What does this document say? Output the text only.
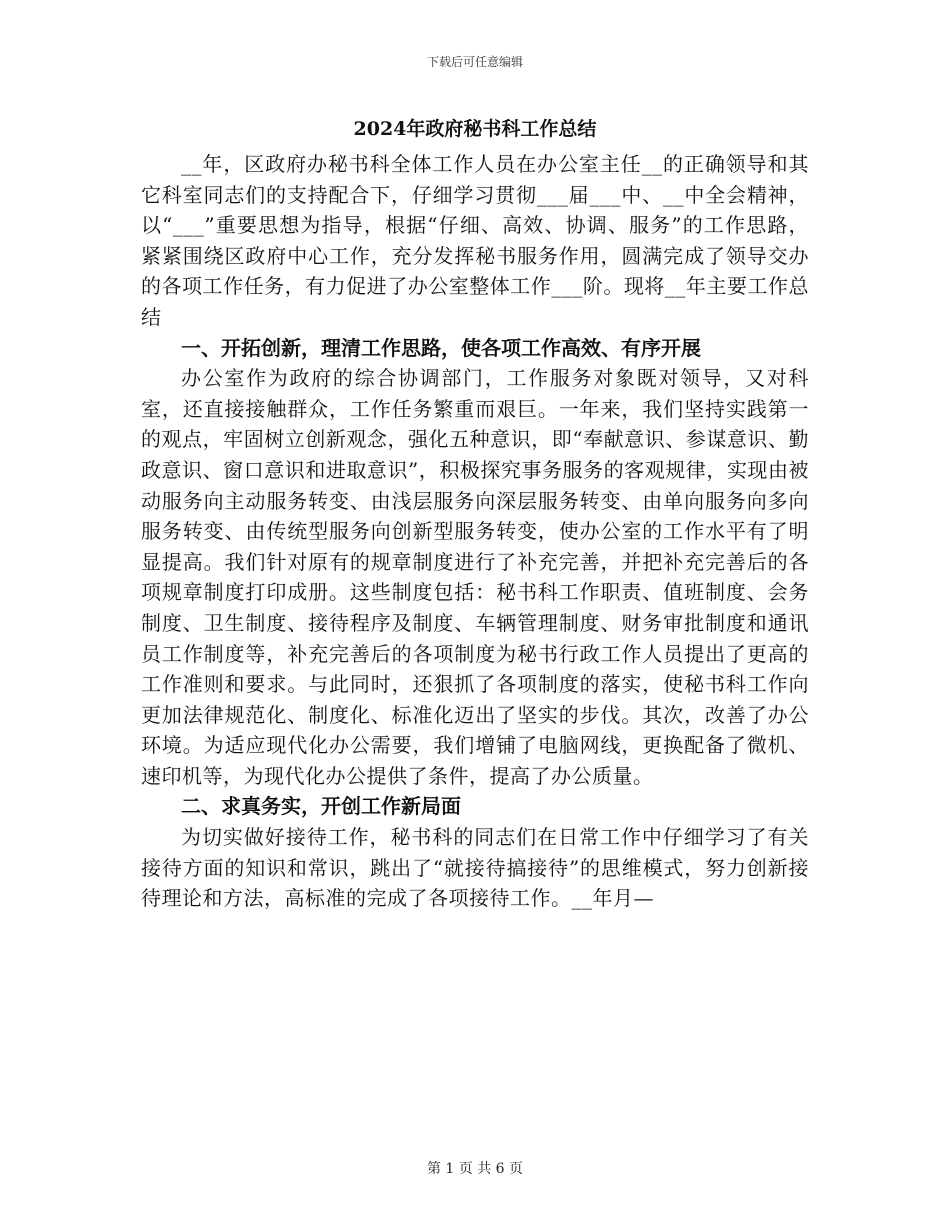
下载后可任意编辑
2024年政府秘书科工作总结

__年，区政府办秘书科全体工作人员在办公室主任__的正确领导和其它科室同志们的支持配合下，仔细学习贯彻___届___中、__中全会精神，以“___”重要思想为指导，根据“仔细、高效、协调、服务”的工作思路，紧紧围绕区政府中心工作，充分发挥秘书服务作用，圆满完成了领导交办的各项工作任务，有力促进了办公室整体工作___阶。现将__年主要工作总结

一、开拓创新，理清工作思路，使各项工作高效、有序开展

办公室作为政府的综合协调部门，工作服务对象既对领导，又对科室，还直接接触群众，工作任务繁重而艰巨。一年来，我们坚持实践第一的观点，牢固树立创新观念，强化五种意识，即“奉献意识、参谋意识、勤政意识、窗口意识和进取意识”，积极探究事务服务的客观规律，实现由被动服务向主动服务转变、由浅层服务向深层服务转变、由单向服务向多向服务转变、由传统型服务向创新型服务转变，使办公室的工作水平有了明显提高。我们针对原有的规章制度进行了补充完善，并把补充完善后的各项规章制度打印成册。这些制度包括：秘书科工作职责、值班制度、会务制度、卫生制度、接待程序及制度、车辆管理制度、财务审批制度和通讯员工作制度等，补充完善后的各项制度为秘书行政工作人员提出了更高的工作准则和要求。与此同时，还狠抓了各项制度的落实，使秘书科工作向更加法律规范化、制度化、标准化迈出了坚实的步伐。其次，改善了办公环境。为适应现代化办公需要，我们增铺了电脑网线，更换配备了微机、速印机等，为现代化办公提供了条件，提高了办公质量。

二、求真务实，开创工作新局面

为切实做好接待工作，秘书科的同志们在日常工作中仔细学习了有关接待方面的知识和常识，跳出了“就接待搞接待”的思维模式，努力创新接待理论和方法，高标准的完成了各项接待工作。__年月—

第 1 页 共 6 页
